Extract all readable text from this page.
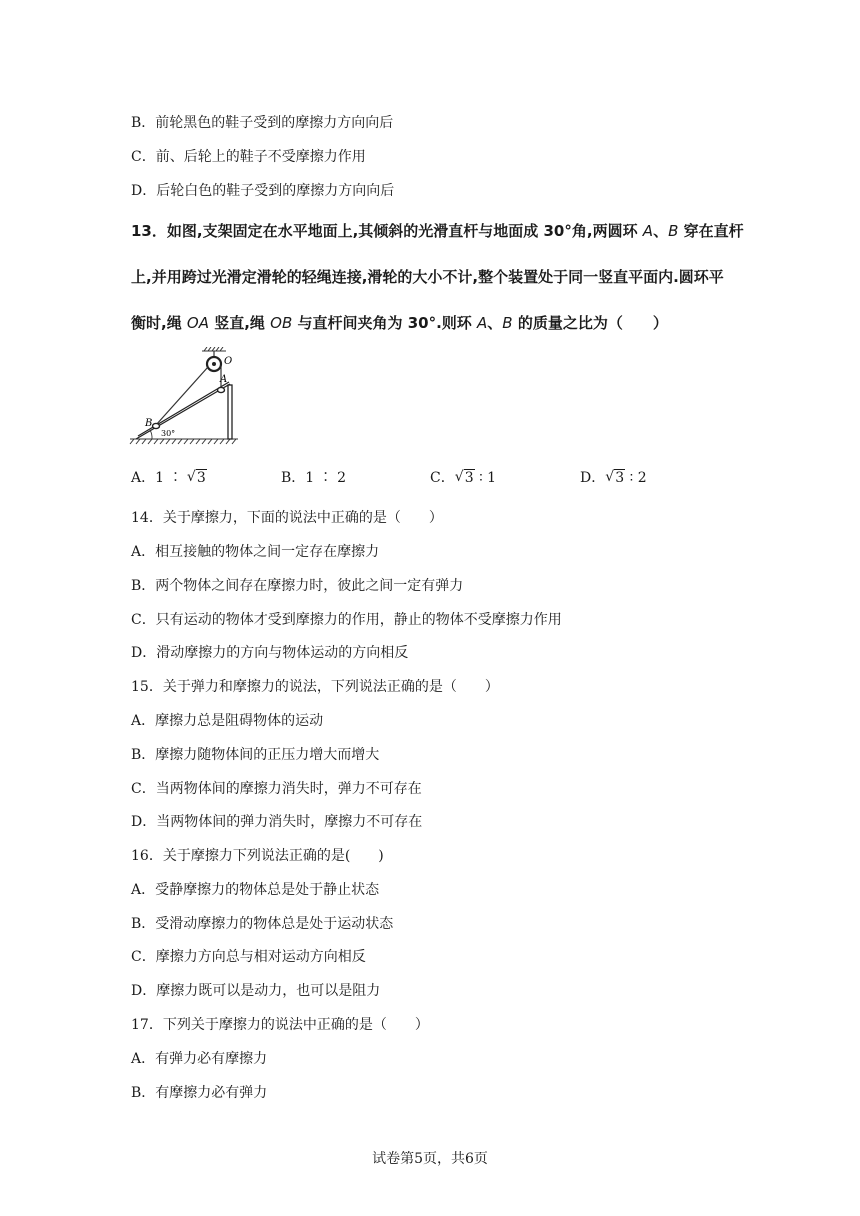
B．前轮黑色的鞋子受到的摩擦力方向向后
C．前、后轮上的鞋子不受摩擦力作用
D．后轮白色的鞋子受到的摩擦力方向向后
13．如图,支架固定在水平地面上,其倾斜的光滑直杆与地面成 30°角,两圆环 A、B 穿在直杆
上,并用跨过光滑定滑轮的轻绳连接,滑轮的大小不计,整个装置处于同一竖直平面内.圆环平
衡时,绳 OA 竖直,绳 OB 与直杆间夹角为 30°.则环 A、B 的质量之比为（　　）
O
A
B
30°
A．1 ∶ √ 3	B．1 ∶ 2	C． √ 3 ∶ 1	D． √ 3 ∶ 2
14．关于摩擦力，下面的说法中正确的是（　　）
A．相互接触的物体之间一定存在摩擦力
B．两个物体之间存在摩擦力时，彼此之间一定有弹力
C．只有运动的物体才受到摩擦力的作用，静止的物体不受摩擦力作用
D．滑动摩擦力的方向与物体运动的方向相反
15．关于弹力和摩擦力的说法，下列说法正确的是（　　）
A．摩擦力总是阻碍物体的运动
B．摩擦力随物体间的正压力增大而增大
C．当两物体间的摩擦力消失时，弹力不可存在
D．当两物体间的弹力消失时，摩擦力不可存在
16．关于摩擦力下列说法正确的是(　　)
A．受静摩擦力的物体总是处于静止状态
B．受滑动摩擦力的物体总是处于运动状态
C．摩擦力方向总与相对运动方向相反
D．摩擦力既可以是动力，也可以是阻力
17．下列关于摩擦力的说法中正确的是（　　）
A．有弹力必有摩擦力
B．有摩擦力必有弹力
试卷第5页，共6页
